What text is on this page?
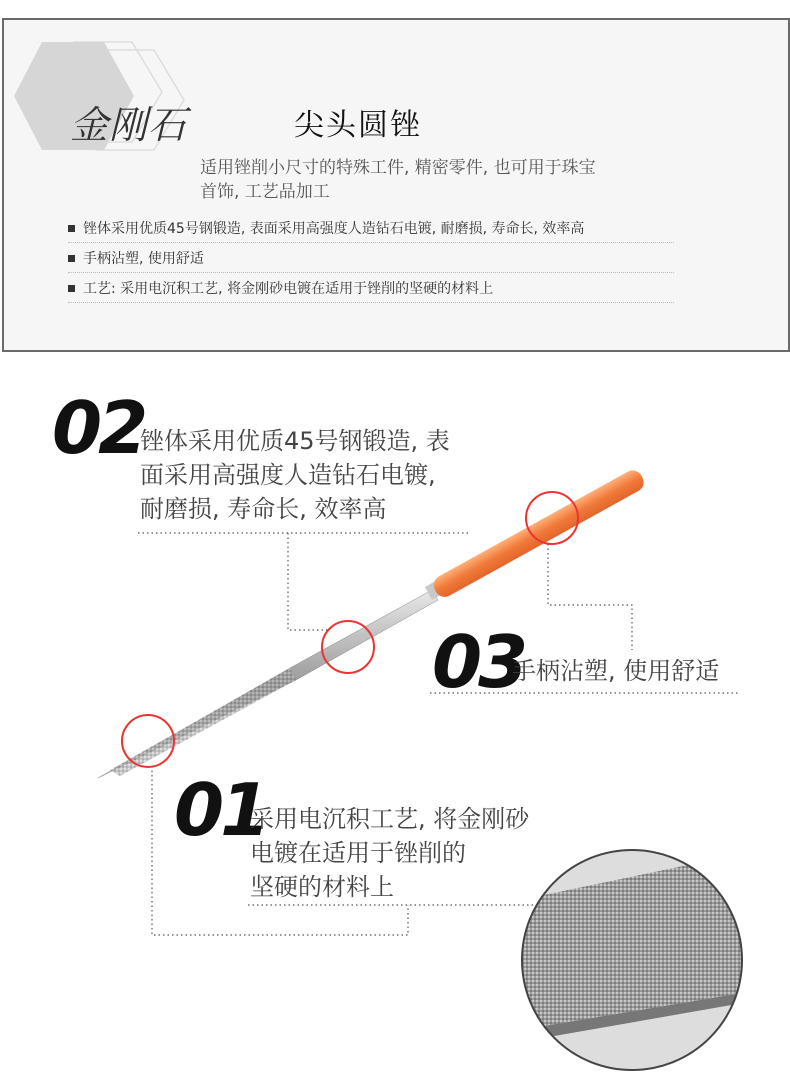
金刚石	尖头圆锉
适用锉削小尺寸的特殊工件, 精密零件, 也可用于珠宝首饰, 工艺品加工
锉体采用优质45号钢锻造, 表面采用高强度人造钻石电镀, 耐磨损, 寿命长, 效率高
手柄沾塑, 使用舒适
工艺: 采用电沉积工艺, 将金刚砂电镀在适用于锉削的坚硬的材料上
02
锉体采用优质45号钢锻造, 表
面采用高强度人造钻石电镀,
耐磨损, 寿命长, 效率高
03
手柄沾塑, 使用舒适
01
采用电沉积工艺, 将金刚砂
电镀在适用于锉削的
坚硬的材料上
